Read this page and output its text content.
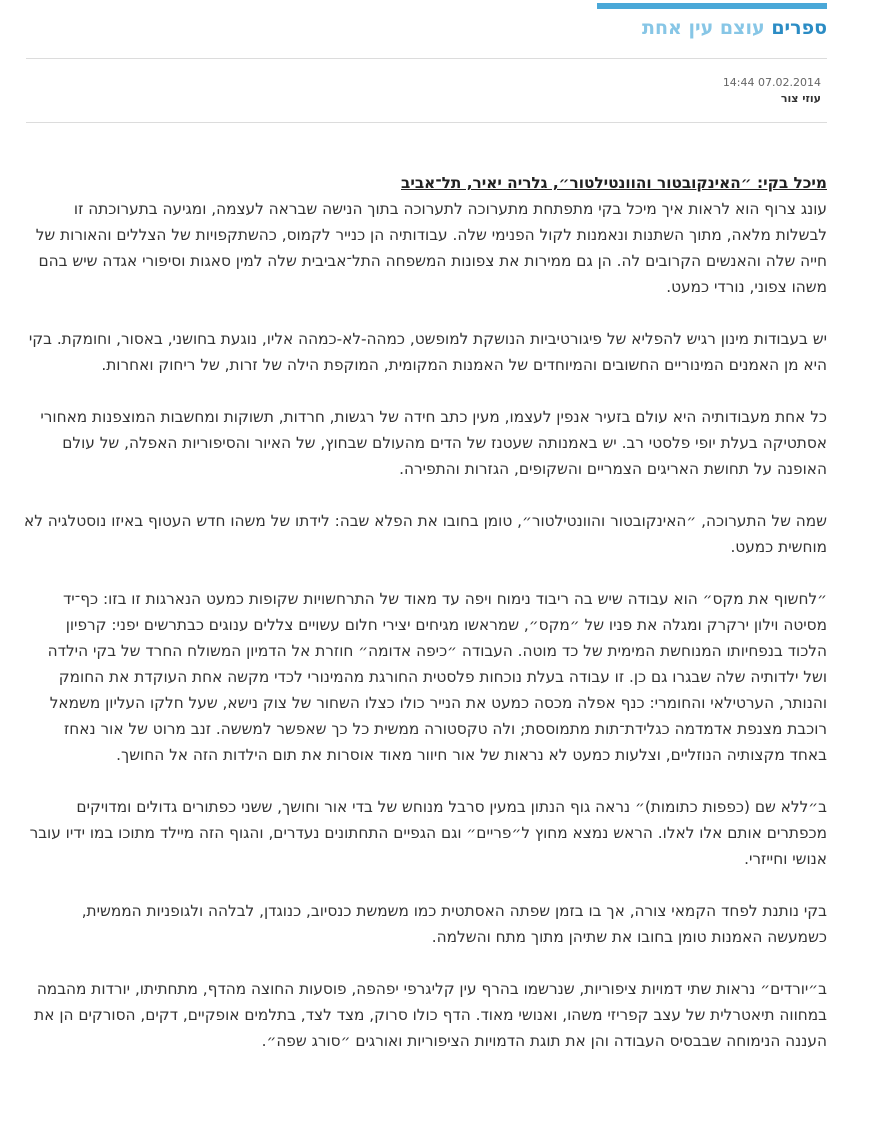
ספרים עוצם עין אחת
14:44 07.02.2014
עוזי צור
מיכל בקי: ״האינקובטור והוונטילטור״, גלריה יאיר, תל־אביב

עונג צרוף הוא לראות איך מיכל בקי מתפתחת מתערוכה לתערוכה בתוך הנישה שבראה לעצמה, ומגיעה בתערוכתה זו לבשלות מלאה, מתוך השתנות ונאמנות לקול הפנימי שלה. עבודותיה הן כנייר לקמוס, כהשתקפויות של הצללים והאורות של חייה שלה והאנשים הקרובים לה. הן גם ממירות את צפונות המשפחה התל־אביבית שלה למין סאגות וסיפורי אגדה שיש בהם משהו צפוני, נורדי כמעט.

יש בעבודות מינון רגיש להפליא של פיגורטיביות הנושקת למופשט, כמהה-לא-כמהה אליו, נוגעת בחושני, באסור, וחומקת. בקי היא מן האמנים המינוריים החשובים והמיוחדים של האמנות המקומית, המוקפת הילה של זרות, של ריחוק ואחרות.

כל אחת מעבודותיה היא עולם בזעיר אנפין לעצמו, מעין כתב חידה של רגשות, חרדות, תשוקות ומחשבות המוצפנות מאחורי אסתטיקה בעלת יופי פלסטי רב. יש באמנותה שעטנז של הדים מהעולם שבחוץ, של האיור והסיפוריות האפלה, של עולם האופנה על תחושת האריגים הצמריים והשקופים, הגזרות והתפירה.

שמה של התערוכה, ״האינקובטור והוונטילטור״, טומן בחובו את הפלא שבה: לידתו של משהו חדש העטוף באיזו נוסטלגיה לא מוחשית כמעט.

״לחשוף את מקס״ הוא עבודה שיש בה ריבוד נימוח ויפה עד מאוד של התרחשויות שקופות כמעט הנארגות זו בזו: כף־יד מסיטה וילון ירקרק ומגלה את פניו של ״מקס״, שמראשו מגיחים יצירי חלום עשויים צללים ענוגים כבתרשים יפני: קרפיון הלכוד בנפחיותו המנוחשת המימית של כד מוטה. העבודה ״כיפה אדומה״ חוזרת אל הדמיון המשולח החרד של בקי הילדה ושל ילדותיה שלה שבגרו גם כן. זו עבודה בעלת נוכחות פלסטית החורגת מהמינורי לכדי מקשה אחת העוקדת את החומק והנותר, הערטילאי והחומרי: כנף אפלה מכסה כמעט את הנייר כולו כצלו השחור של צוק נישא, שעל חלקו העליון משמאל רוכבת מצנפת אדמדמה כגלידת־תות מתמוססת; ולה טקסטורה ממשית כל כך שאפשר למששה. זנב מרוט של אור נאחז באחד מקצותיה הנוזליים, וצלעות כמעט לא נראות של אור חיוור מאוד אוסרות את תום הילדות הזה אל החושך.

ב״ללא שם (כפפות כתומות)״ נראה גוף הנתון במעין סרבל מנוחש של בדי אור וחושך, ששני כפתורים גדולים ומדויקים מכפתרים אותם אלו לאלו. הראש נמצא מחוץ ל״פריים״ וגם הגפיים התחתונים נעדרים, והגוף הזה מיילד מתוכו במו ידיו עובר אנושי וחייזרי.

בקי נותנת לפחד הקמאי צורה, אך בו בזמן שפתה האסתטית כמו משמשת כנסיוב, כנוגדן, לבלהה ולגופניות הממשית, כשמעשה האמנות טומן בחובו את שתיהן מתוך מתח והשלמה.

ב״יורדים״ נראות שתי דמויות ציפוריות, שנרשמו בהרף עין קליגרפי יפהפה, פוסעות החוצה מהדף, מתחתיתו, יורדות מהבמה במחווה תיאטרלית של עצב קפריזי משהו, ואנושי מאוד. הדף כולו סרוק, מצד לצד, בתלמים אופקיים, דקים, הסורקים הן את העננה הנימוחה שבבסיס העבודה והן את תוגת הדמויות הציפוריות ואורגים ״סורג שפה״.
